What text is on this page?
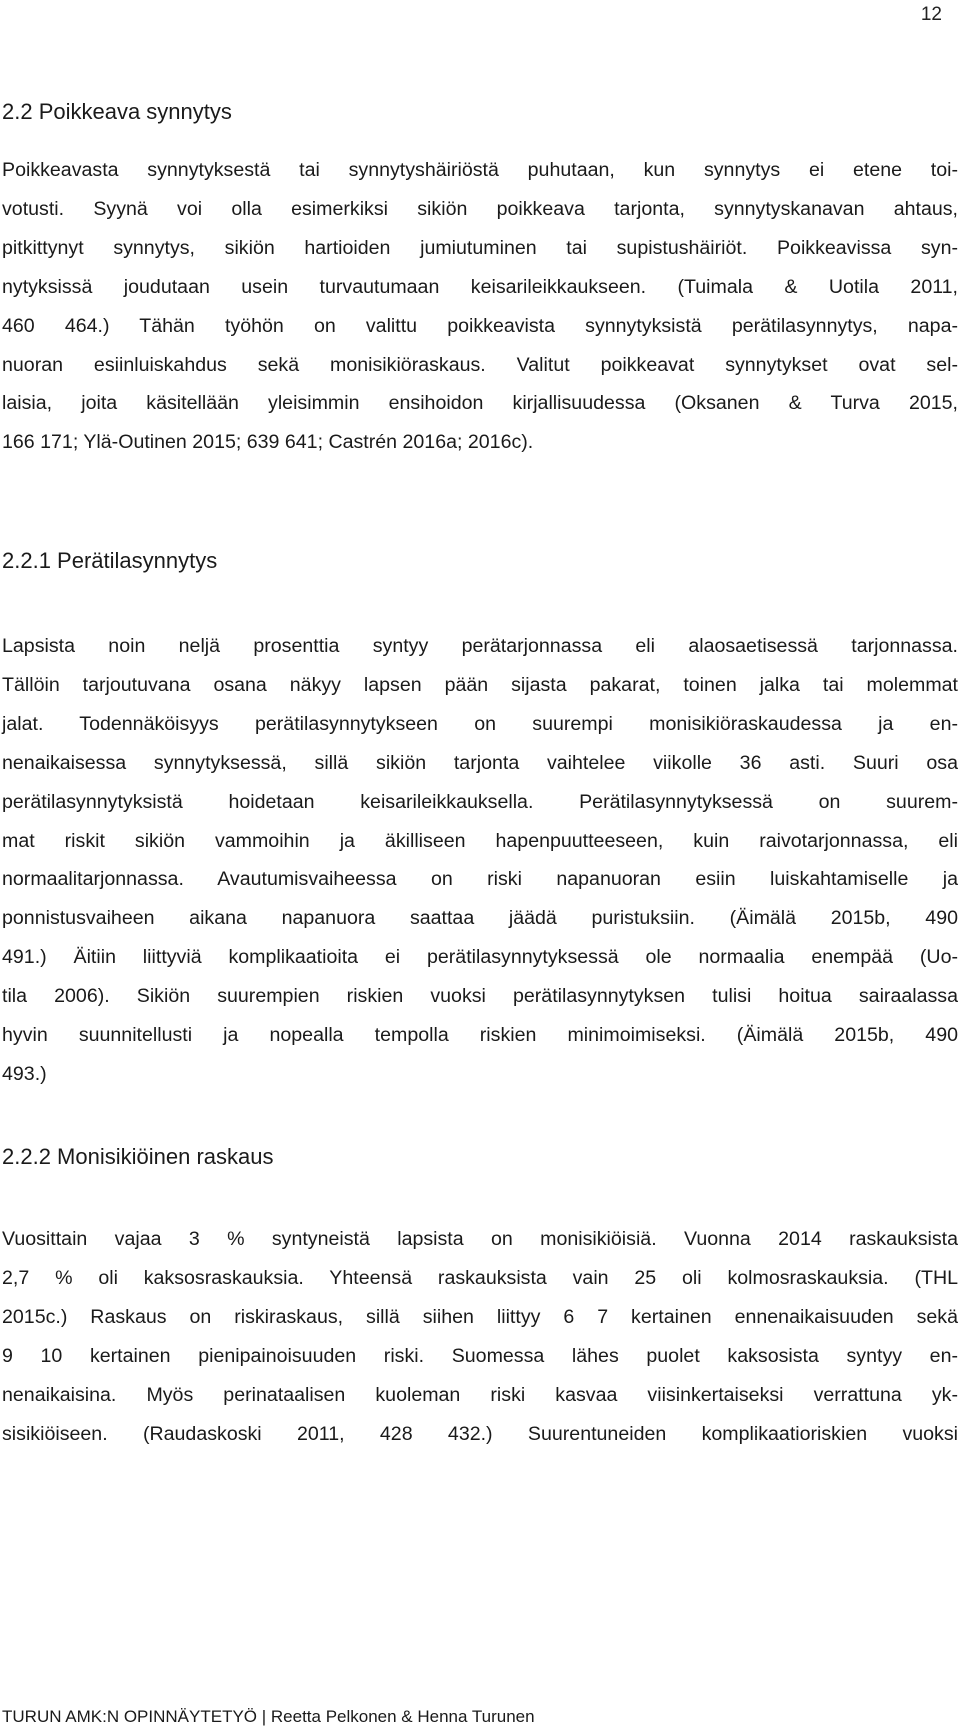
12
2.2 Poikkeava synnytys
Poikkeavasta synnytyksestä tai synnytyshäiriöstä puhutaan, kun synnytys ei etene toi-
votusti. Syynä voi olla esimerkiksi sikiön poikkeava tarjonta, synnytyskanavan ahtaus,
pitkittynyt synnytys, sikiön hartioiden jumiutuminen tai supistushäiriöt. Poikkeavissa syn-
nytyksissä joudutaan usein turvautumaan keisarileikkaukseen. (Tuimala & Uotila 2011,
460 464.) Tähän työhön on valittu poikkeavista synnytyksistä perätilasynnytys, napa-
nuoran esiinluiskahdus sekä monisikiöraskaus. Valitut poikkeavat synnytykset ovat sel-
laisia, joita käsitellään yleisimmin ensihoidon kirjallisuudessa (Oksanen & Turva 2015,
166 171; Ylä-Outinen 2015; 639 641; Castrén 2016a; 2016c).
2.2.1 Perätilasynnytys
Lapsista noin neljä prosenttia syntyy perätarjonnassa eli alaosaetisessä tarjonnassa.
Tällöin tarjoutuvana osana näkyy lapsen pään sijasta pakarat, toinen jalka tai molemmat
jalat. Todennäköisyys perätilasynnytykseen on suurempi monisikiöraskaudessa ja en-
nenaikaisessa synnytyksessä, sillä sikiön tarjonta vaihtelee viikolle 36 asti. Suuri osa
perätilasynnytyksistä hoidetaan keisarileikkauksella. Perätilasynnytyksessä on suurem-
mat riskit sikiön vammoihin ja äkilliseen hapenpuutteeseen, kuin raivotarjonnassa, eli
normaalitarjonnassa. Avautumisvaiheessa on riski napanuoran esiin luiskahtamiselle ja
ponnistusvaiheen aikana napanuora saattaa jäädä puristuksiin. (Äimälä 2015b, 490
491.) Äitiin liittyviä komplikaatioita ei perätilasynnytyksessä ole normaalia enempää (Uo-
tila 2006). Sikiön suurempien riskien vuoksi perätilasynnytyksen tulisi hoitua sairaalassa
hyvin suunnitellusti ja nopealla tempolla riskien minimoimiseksi. (Äimälä 2015b, 490
493.)
2.2.2 Monisikiöinen raskaus
Vuosittain vajaa 3 % syntyneistä lapsista on monisikiöisiä. Vuonna 2014 raskauksista
2,7 % oli kaksosraskauksia. Yhteensä raskauksista vain 25 oli kolmosraskauksia. (THL
2015c.) Raskaus on riskiraskaus, sillä siihen liittyy 6 7 kertainen ennenaikaisuuden sekä
9 10 kertainen pienipainoisuuden riski. Suomessa lähes puolet kaksosista syntyy en-
nenaikaisina. Myös perinataalisen kuoleman riski kasvaa viisinkertaiseksi verrattuna yk-
sisikiöiseen. (Raudaskoski 2011, 428 432.) Suurentuneiden komplikaatioriskien vuoksi
TURUN AMK:N OPINNÄYTETYÖ | Reetta Pelkonen & Henna Turunen
